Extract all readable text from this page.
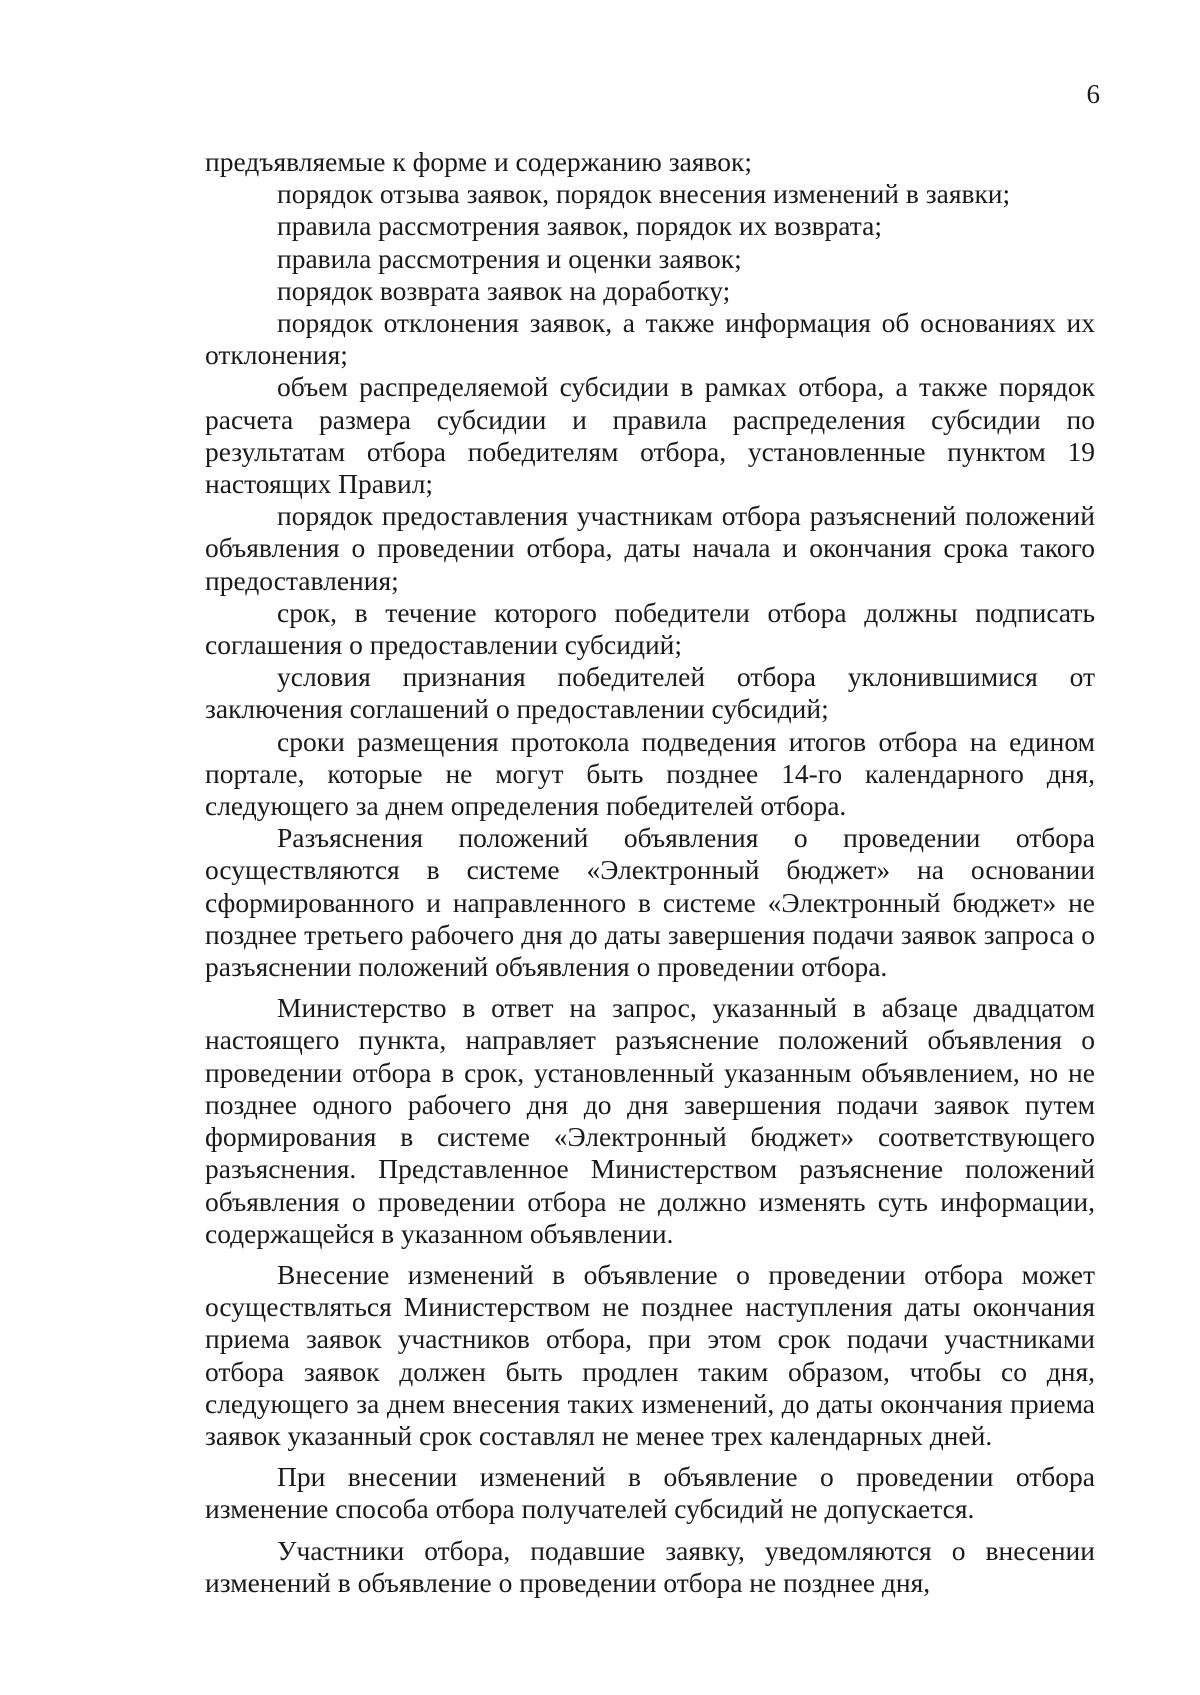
6

предъявляемые к форме и содержанию заявок;

порядок отзыва заявок, порядок внесения изменений в заявки;

правила рассмотрения заявок, порядок их возврата;

правила рассмотрения и оценки заявок;

порядок возврата заявок на доработку;

порядок отклонения заявок, а также информация об основаниях их отклонения;

объем распределяемой субсидии в рамках отбора, а также порядок расчета размера субсидии и правила распределения субсидии по результатам отбора победителям отбора, установленные пунктом 19 настоящих Правил;

порядок предоставления участникам отбора разъяснений положений объявления о проведении отбора, даты начала и окончания срока такого предоставления;

срок, в течение которого победители отбора должны подписать соглашения о предоставлении субсидий;

условия признания победителей отбора уклонившимися от заключения соглашений о предоставлении субсидий;

сроки размещения протокола подведения итогов отбора на едином портале, которые не могут быть позднее 14-го календарного дня, следующего за днем определения победителей отбора.

Разъяснения положений объявления о проведении отбора осуществляются в системе «Электронный бюджет» на основании сформированного и направленного в системе «Электронный бюджет» не позднее третьего рабочего дня до даты завершения подачи заявок запроса о разъяснении положений объявления о проведении отбора.

Министерство в ответ на запрос, указанный в абзаце двадцатом настоящего пункта, направляет разъяснение положений объявления о проведении отбора в срок, установленный указанным объявлением, но не позднее одного рабочего дня до дня завершения подачи заявок путем формирования в системе «Электронный бюджет» соответствующего разъяснения. Представленное Министерством разъяснение положений объявления о проведении отбора не должно изменять суть информации, содержащейся в указанном объявлении.

Внесение изменений в объявление о проведении отбора может осуществляться Министерством не позднее наступления даты окончания приема заявок участников отбора, при этом срок подачи участниками отбора заявок должен быть продлен таким образом, чтобы со дня, следующего за днем внесения таких изменений, до даты окончания приема заявок указанный срок составлял не менее трех календарных дней.

При внесении изменений в объявление о проведении отбора изменение способа отбора получателей субсидий не допускается.

Участники отбора, подавшие заявку, уведомляются о внесении изменений в объявление о проведении отбора не позднее дня,
